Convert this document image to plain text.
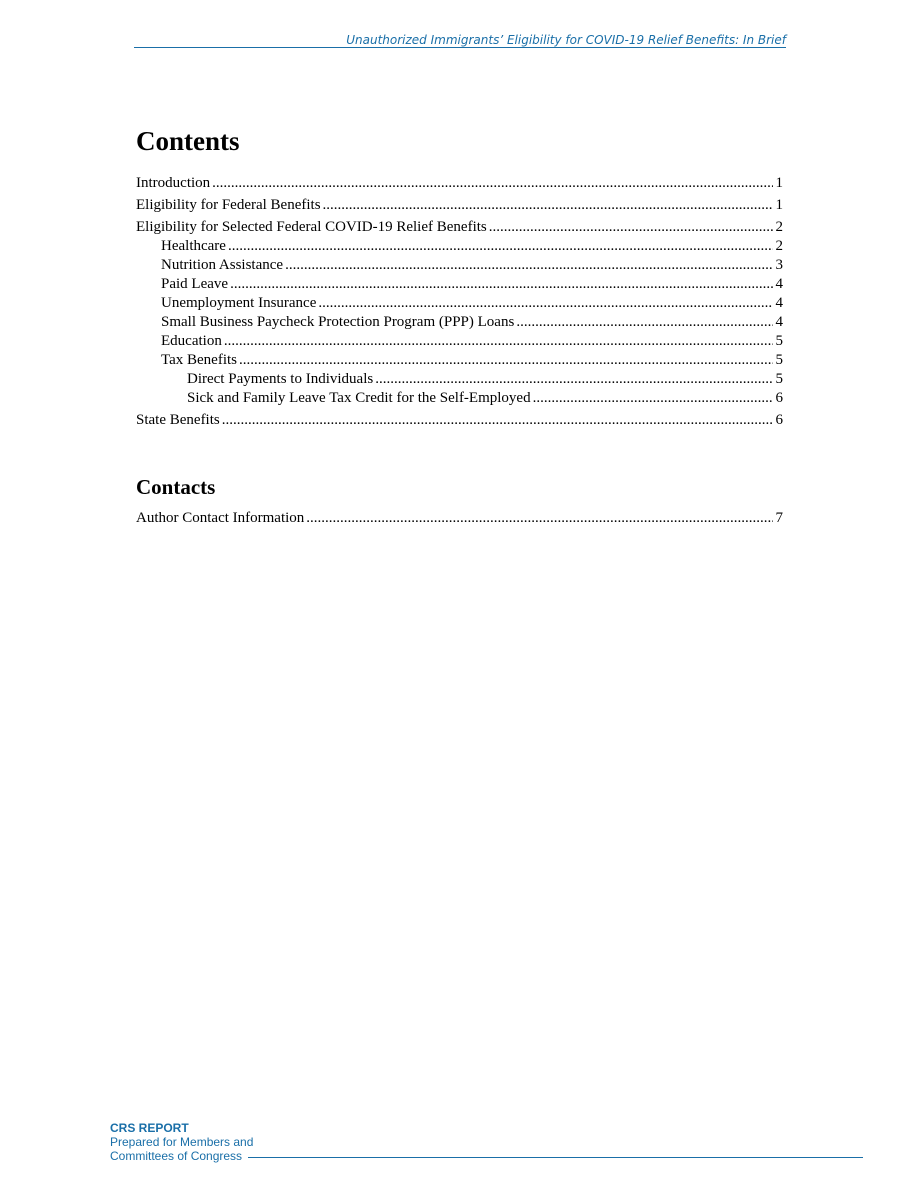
Unauthorized Immigrants’ Eligibility for COVID-19 Relief Benefits: In Brief
Contents
Introduction .....	1
Eligibility for Federal Benefits .....	1
Eligibility for Selected Federal COVID-19 Relief Benefits .....	2
Healthcare .....	2
Nutrition Assistance .....	3
Paid Leave .....	4
Unemployment Insurance .....	4
Small Business Paycheck Protection Program (PPP) Loans .....	4
Education .....	5
Tax Benefits .....	5
Direct Payments to Individuals .....	5
Sick and Family Leave Tax Credit for the Self-Employed .....	6
State Benefits .....	6
Contacts
Author Contact Information .....	7
CRS REPORT
Prepared for Members and
Committees of Congress
